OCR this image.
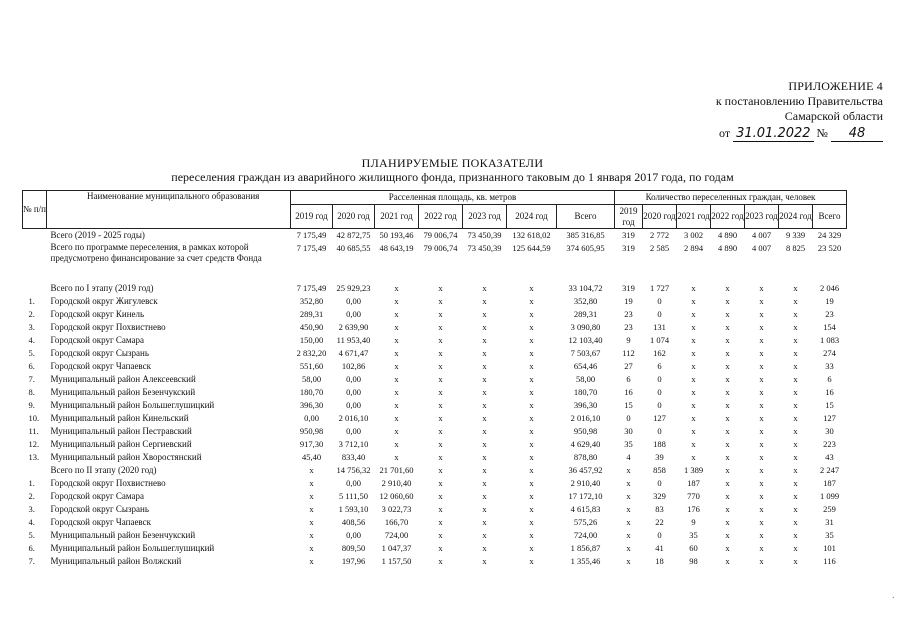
ПРИЛОЖЕНИЕ 4
к постановлению Правительства
Самарской области
от 31.01.2022 № 48
ПЛАНИРУЕМЫЕ ПОКАЗАТЕЛИ
переселения граждан из аварийного жилищного фонда, признанного таковым до 1 января 2017 года, по годам
№ п/п	Наименование муниципального образования	Расселенная площадь, кв. метров							Количество переселенных граждан, человек						
		2019 год	2020 год	2021 год	2022 год	2023 год	2024 год	Всего	2019 год	2020 год	2021 год	2022 год	2023 год	2024 год	Всего
	Всего (2019 - 2025 годы)	7 175,49	42 872,75	50 193,46	79 006,74	73 450,39	132 618,02	385 316,85	319	2 772	3 002	4 890	4 007	9 339	24 329
	Всего по программе переселения, в рамках которой предусмотрено финансирование за счет средств Фонда	7 175,49	40 685,55	48 643,19	79 006,74	73 450,39	125 644,59	374 605,95	319	2 585	2 894	4 890	4 007	8 825	23 520
	Всего по I этапу (2019 год)	7 175,49	25 929,23	х	х	х	х	33 104,72	319	1 727	х	х	х	х	2 046
1.	Городской округ Жигулевск	352,80	0,00	х	х	х	х	352,80	19	0	х	х	х	х	19
2.	Городской округ Кинель	289,31	0,00	х	х	х	х	289,31	23	0	х	х	х	х	23
3.	Городской округ Похвистнево	450,90	2 639,90	х	х	х	х	3 090,80	23	131	х	х	х	х	154
4.	Городской округ Самара	150,00	11 953,40	х	х	х	х	12 103,40	9	1 074	х	х	х	х	1 083
5.	Городской округ Сызрань	2 832,20	4 671,47	х	х	х	х	7 503,67	112	162	х	х	х	х	274
6.	Городской округ Чапаевск	551,60	102,86	х	х	х	х	654,46	27	6	х	х	х	х	33
7.	Муниципальный район Алексеевский	58,00	0,00	х	х	х	х	58,00	6	0	х	х	х	х	6
8.	Муниципальный район Безенчукский	180,70	0,00	х	х	х	х	180,70	16	0	х	х	х	х	16
9.	Муниципальный район Большеглушицкий	396,30	0,00	х	х	х	х	396,30	15	0	х	х	х	х	15
10.	Муниципальный район Кинельский	0,00	2 016,10	х	х	х	х	2 016,10	0	127	х	х	х	х	127
11.	Муниципальный район Пестравский	950,98	0,00	х	х	х	х	950,98	30	0	х	х	х	х	30
12.	Муниципальный район Сергиевский	917,30	3 712,10	х	х	х	х	4 629,40	35	188	х	х	х	х	223
13.	Муниципальный район Хворостянский	45,40	833,40	х	х	х	х	878,80	4	39	х	х	х	х	43
	Всего по II этапу (2020 год)	х	14 756,32	21 701,60	х	х	х	36 457,92	х	858	1 389	х	х	х	2 247
1.	Городской округ Похвистнево	х	0,00	2 910,40	х	х	х	2 910,40	х	0	187	х	х	х	187
2.	Городской округ Самара	х	5 111,50	12 060,60	х	х	х	17 172,10	х	329	770	х	х	х	1 099
3.	Городской округ Сызрань	х	1 593,10	3 022,73	х	х	х	4 615,83	х	83	176	х	х	х	259
4.	Городской округ Чапаевск	х	408,56	166,70	х	х	х	575,26	х	22	9	х	х	х	31
5.	Муниципальный район Безенчукский	х	0,00	724,00	х	х	х	724,00	х	0	35	х	х	х	35
6.	Муниципальный район Большеглушицкий	х	809,50	1 047,37	х	х	х	1 856,87	х	41	60	х	х	х	101
7.	Муниципальный район Волжский	х	197,96	1 157,50	х	х	х	1 355,46	х	18	98	х	х	х	116
·
